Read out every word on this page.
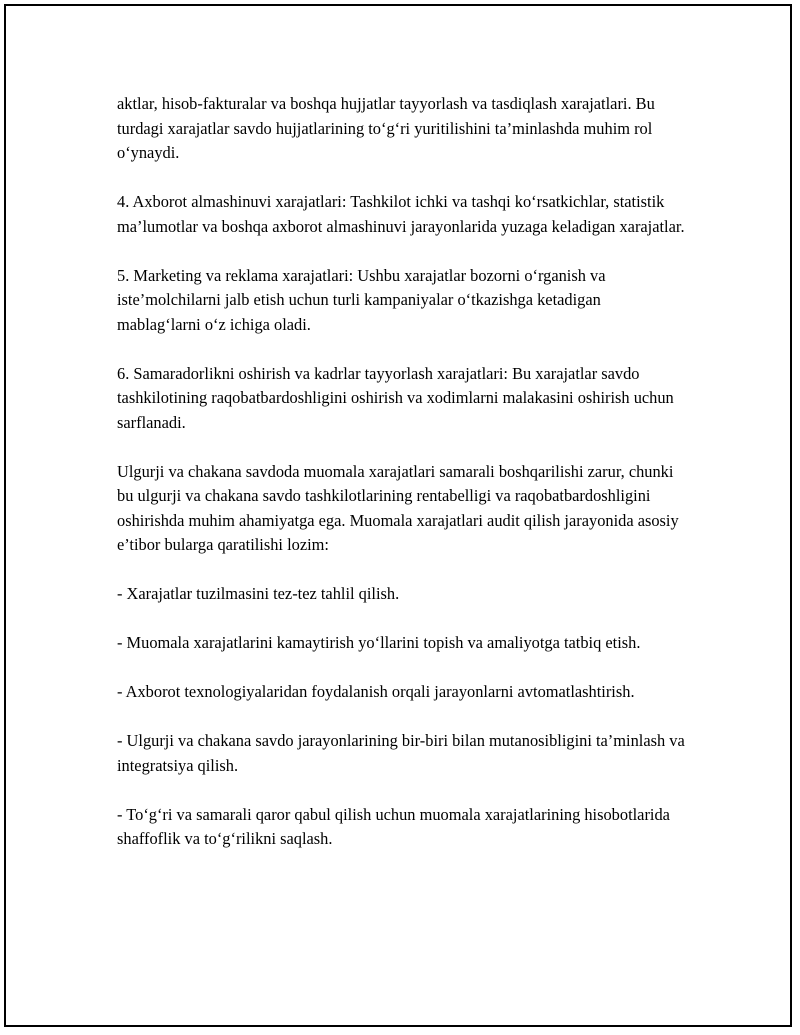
aktlar, hisob-fakturalar va boshqa hujjatlar tayyorlash va tasdiqlash xarajatlari. Bu turdagi xarajatlar savdo hujjatlarining to‘g‘ri yuritilishini ta’minlashda muhim rol o‘ynaydi.

4. Axborot almashinuvi xarajatlari: Tashkilot ichki va tashqi ko‘rsatkichlar, statistik ma’lumotlar va boshqa axborot almashinuvi jarayonlarida yuzaga keladigan xarajatlar.

5. Marketing va reklama xarajatlari: Ushbu xarajatlar bozorni o‘rganish va iste’molchilarni jalb etish uchun turli kampaniyalar o‘tkazishga ketadigan mablag‘larni o‘z ichiga oladi.

6. Samaradorlikni oshirish va kadrlar tayyorlash xarajatlari: Bu xarajatlar savdo tashkilotining raqobatbardoshligini oshirish va xodimlarni malakasini oshirish uchun sarflanadi.

Ulgurji va chakana savdoda muomala xarajatlari samarali boshqarilishi zarur, chunki bu ulgurji va chakana savdo tashkilotlarining rentabelligi va raqobatbardoshligini oshirishda muhim ahamiyatga ega. Muomala xarajatlari audit qilish jarayonida asosiy e’tibor bularga qaratilishi lozim:

- Xarajatlar tuzilmasini tez-tez tahlil qilish.

- Muomala xarajatlarini kamaytirish yo‘llarini topish va amaliyotga tatbiq etish.

- Axborot texnologiyalaridan foydalanish orqali jarayonlarni avtomatlashtirish.

- Ulgurji va chakana savdo jarayonlarining bir-biri bilan mutanosibligini ta’minlash va integratsiya qilish.

- To‘g‘ri va samarali qaror qabul qilish uchun muomala xarajatlarining hisobotlarida shaffoflik va to‘g‘rilikni saqlash.
